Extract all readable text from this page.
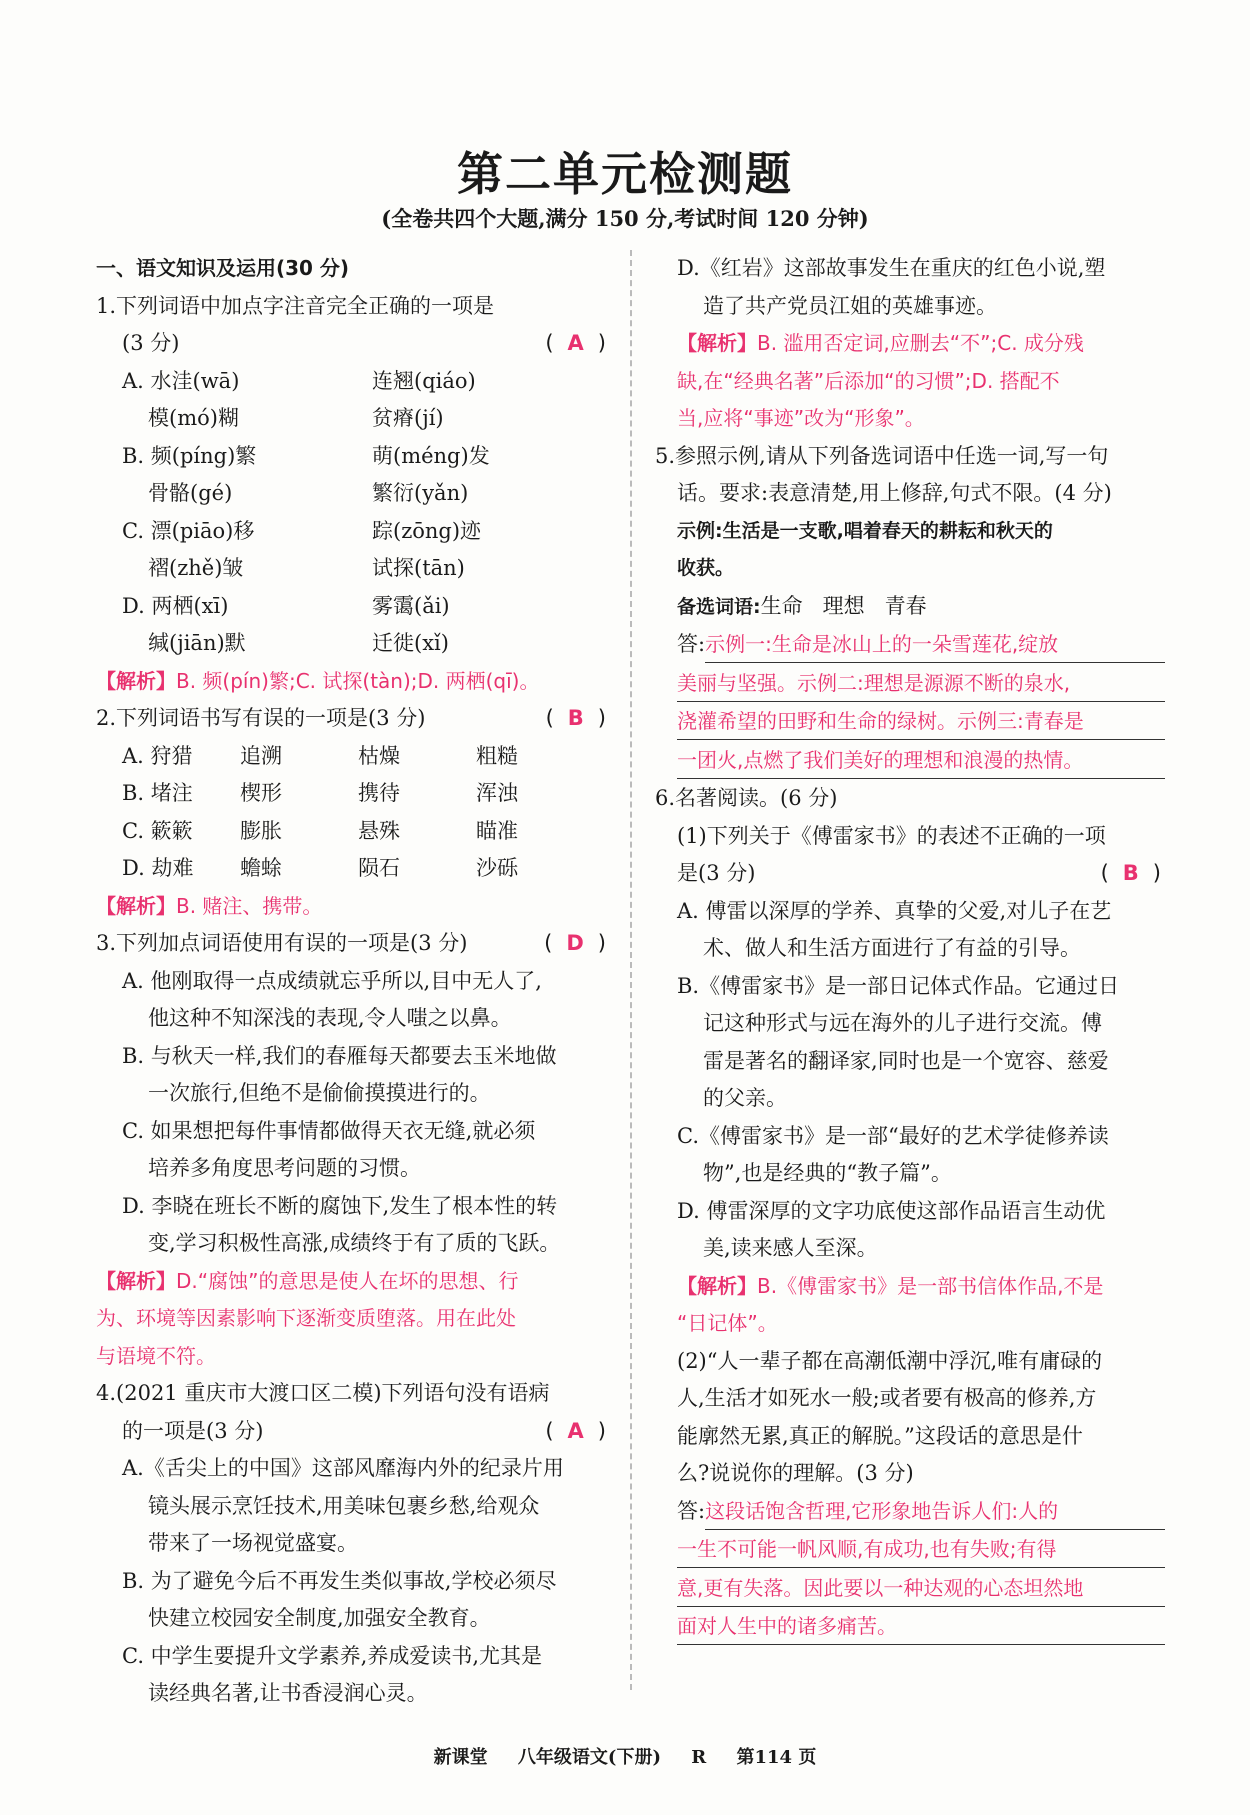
第二单元检测题
(全卷共四个大题,满分 150 分,考试时间 120 分钟)
一、语文知识及运用(30 分)
1.下列词语中加点字注音完全正确的一项是
(3 分)	( A )
A. 水洼(wā)	连翘(qiáo)
模(mó)糊	贫瘠(jí)
B. 频(píng)繁	萌(méng)发
骨骼(gé)	繁衍(yǎn)
C. 漂(piāo)移	踪(zōng)迹
褶(zhě)皱	试探(tān)
D. 两栖(xī)	雾霭(ǎi)
缄(jiān)默	迁徙(xǐ)
【解析】B. 频(pín)繁;C. 试探(tàn);D. 两栖(qī)。
2.下列词语书写有误的一项是(3 分)	( B )
A. 狩猎 追溯	枯燥	粗糙
B. 堵注 楔形	携待	浑浊
C. 簌簌 膨胀	悬殊	瞄准
D. 劫难 蟾蜍	陨石	沙砾
【解析】B. 赌注、携带。
3.下列加点词语使用有误的一项是(3 分)	( D )
A. 他刚取得一点成绩就忘乎所以,目中无人了,
他这种不知深浅的表现,令人嗤之以鼻。
B. 与秋天一样,我们的春雁每天都要去玉米地做
一次旅行,但绝不是偷偷摸摸进行的。
C. 如果想把每件事情都做得天衣无缝,就必须
培养多角度思考问题的习惯。
D. 李晓在班长不断的腐蚀下,发生了根本性的转
变,学习积极性高涨,成绩终于有了质的飞跃。
【解析】D.“腐蚀”的意思是使人在坏的思想、行
为、环境等因素影响下逐渐变质堕落。用在此处
与语境不符。
4.(2021 重庆市大渡口区二模)下列语句没有语病
的一项是(3 分)	( A )
A.《舌尖上的中国》这部风靡海内外的纪录片用
镜头展示烹饪技术,用美味包裹乡愁,给观众
带来了一场视觉盛宴。
B. 为了避免今后不再发生类似事故,学校必须尽
快建立校园安全制度,加强安全教育。
C. 中学生要提升文学素养,养成爱读书,尤其是
读经典名著,让书香浸润心灵。
D.《红岩》这部故事发生在重庆的红色小说,塑
造了共产党员江姐的英雄事迹。
【解析】B. 滥用否定词,应删去“不”;C. 成分残
缺,在“经典名著”后添加“的习惯”;D. 搭配不
当,应将“事迹”改为“形象”。
5.参照示例,请从下列备选词语中任选一词,写一句
话。要求:表意清楚,用上修辞,句式不限。(4 分)
示例:生活是一支歌,唱着春天的耕耘和秋天的
收获。
备选词语:生命 理想 青春
答: 示例一:生命是冰山上的一朵雪莲花,绽放
美丽与坚强。示例二:理想是源源不断的泉水,
浇灌希望的田野和生命的绿树。示例三:青春是
一团火,点燃了我们美好的理想和浪漫的热情。
6.名著阅读。(6 分)
(1)下列关于《傅雷家书》的表述不正确的一项
是(3 分)	( B )
A. 傅雷以深厚的学养、真挚的父爱,对儿子在艺
术、做人和生活方面进行了有益的引导。
B.《傅雷家书》是一部日记体式作品。它通过日
记这种形式与远在海外的儿子进行交流。傅
雷是著名的翻译家,同时也是一个宽容、慈爱
的父亲。
C.《傅雷家书》是一部“最好的艺术学徒修养读
物”,也是经典的“教子篇”。
D. 傅雷深厚的文字功底使这部作品语言生动优
美,读来感人至深。
【解析】B.《傅雷家书》是一部书信体作品,不是
“日记体”。
(2)“人一辈子都在高潮低潮中浮沉,唯有庸碌的
人,生活才如死水一般;或者要有极高的修养,方
能廓然无累,真正的解脱。”这段话的意思是什
么?说说你的理解。(3 分)
答: 这段话饱含哲理,它形象地告诉人们:人的
一生不可能一帆风顺,有成功,也有失败;有得
意,更有失落。因此要以一种达观的心态坦然地
面对人生中的诸多痛苦。
新课堂 八年级语文(下册) R 第114 页
